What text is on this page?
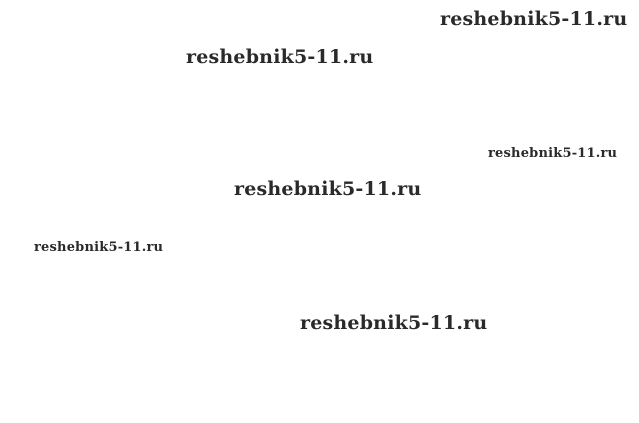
reshebnik5-11.ru
reshebnik5-11.ru
reshebnik5-11.ru
reshebnik5-11.ru
reshebnik5-11.ru
reshebnik5-11.ru
